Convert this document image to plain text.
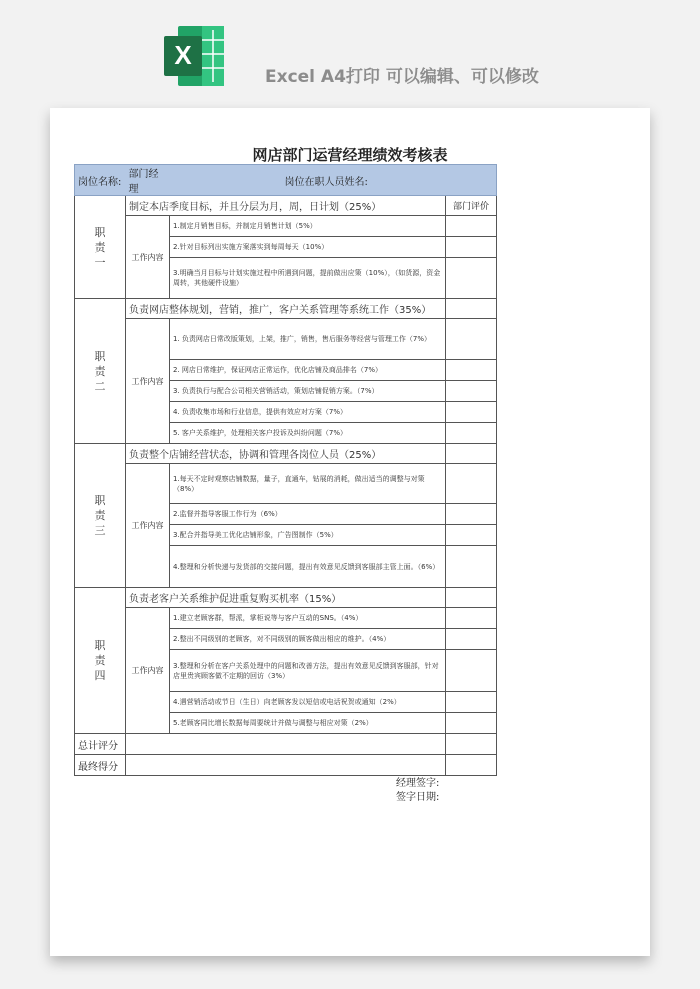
X
Excel A4打印 可以编辑、可以修改
网店部门运营经理绩效考核表
岗位名称:	部门经理	岗位在职人员姓名:	

职
责
一	制定本店季度目标，并且分层为月，周，日计划（25%）		部门评价
	工作内容	1.制定月销售目标，并制定月销售计划（5%）	
		2.针对目标列出实施方案落实到每周每天（10%）	
		3.明确当月目标与计划实施过程中所遇到问题，提前做出应策（10%），（如货源，资金周转，其他硬件设施）	

职
责
二	负责网店整体规划，营销，推广，客户关系管理等系统工作（35%）		
	工作内容	1. 负责网店日常改版策划，上架，推广，销售，售后服务等经营与管理工作（7%）	
		2. 网店日常维护，保证网店正常运作，优化店铺及商品排名（7%）	
		3. 负责执行与配合公司相关营销活动，策划店铺促销方案。（7%）	
		4. 负责收集市场和行业信息，提供有效应对方案（7%）	
		5. 客户关系维护，处理相关客户投诉及纠纷问题（7%）	

职
责
三	负责整个店铺经营状态，协调和管理各岗位人员（25%）		
	工作内容	1.每天不定时观察店铺数据，量子，直通车，钻展的消耗，做出适当的调整与对策（8%）	
		2.监督并指导客服工作行为（6%）	
		3.配合并指导美工优化店铺形象，广告图制作（5%）	
		4.整理和分析快递与发货部的交接问题，提出有效意见反馈到客服部主管上面。（6%）	

职
责
四	负责老客户关系维护促进重复购买机率（15%）		
	工作内容	1.建立老顾客群，帮派，掌柜说等与客户互动的SNS。（4%）	
		2.整出不同级别的老顾客，对不同级别的顾客做出相应的维护。（4%）	
		3.整理和分析在客户关系处理中的问题和改善方法，提出有效意见反馈到客服部，针对店里贵宾顾客做不定期的回访（3%）	
		4.遇营销活动或节日（生日）向老顾客发以短信或电话祝贺或通知（2%）	
		5.老顾客同比增长数据每周要统计并做与调整与相应对策（2%）	
总计评分			
最终得分			
经理签字:
签字日期:
